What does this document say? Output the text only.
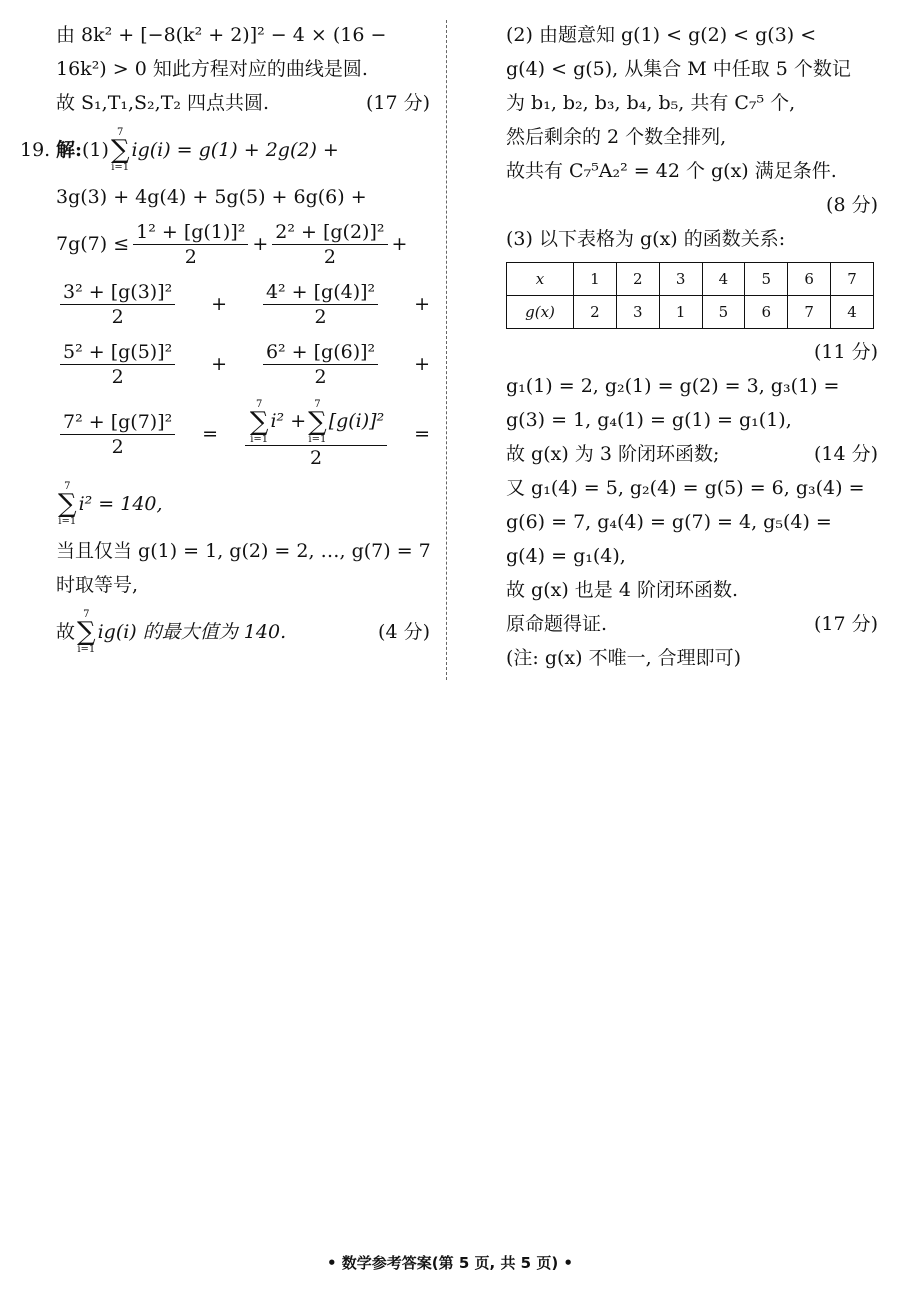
由 8k² + [−8(k² + 2)]² − 4 × (16 −
16k²) > 0 知此方程对应的曲线是圆.
故 S₁,T₁,S₂,T₂ 四点共圆.	(17 分)
19. 解: (1)
7
∑
i=1
ig(i) = g(1) + 2g(2) +
3g(3) + 4g(4) + 5g(5) + 6g(6) +
$7g(7) \le \frac{\text{1² + [g(1)]²}}{2} + \frac{\text{2² + [g(2)]²}}{2}$ +
$\frac{\text{3² + [g(3)]²}}{2} + \frac{\text{4² + [g(4)]²}}{2}$ +
$\frac{\text{5² + [g(5)]²}}{2} + \frac{\text{6² + [g(6)]²}}{2}$ +
$\frac{\text{7² + [g(7)]²}}{2}$ =	7
∑
i=1
i² +
7
∑
i=1
[g(i)]²
2 =
7
∑
i=1
i² = 140,
当且仅当 g(1) = 1, g(2) = 2, …, g(7) = 7
时取等号,
故
7
∑
i=1
ig(i) 的最大值为 140.	(4 分)
(2) 由题意知 g(1) < g(2) < g(3) <
g(4) < g(5), 从集合 M 中任取 5 个数记
为 b₁, b₂, b₃, b₄, b₅, 共有 C₇⁵ 个,
然后剩余的 2 个数全排列,
故共有 C₇⁵A₂² = 42 个 g(x) 满足条件.
(8 分)
(3) 以下表格为 g(x) 的函数关系:
x	1	2	3	4	5	6	7
g(x)	2	3	1	5	6	7	4
(11 分)
g₁(1) = 2, g₂(1) = g(2) = 3, g₃(1) =
g(3) = 1, g₄(1) = g(1) = g₁(1),
故 g(x) 为 3 阶闭环函数;	(14 分)
又 g₁(4) = 5, g₂(4) = g(5) = 6, g₃(4) =
g(6) = 7, g₄(4) = g(7) = 4, g₅(4) =
g(4) = g₁(4),
故 g(x) 也是 4 阶闭环函数.
原命题得证.	(17 分)
(注: g(x) 不唯一, 合理即可)
• 数学参考答案(第 5 页, 共 5 页) •
